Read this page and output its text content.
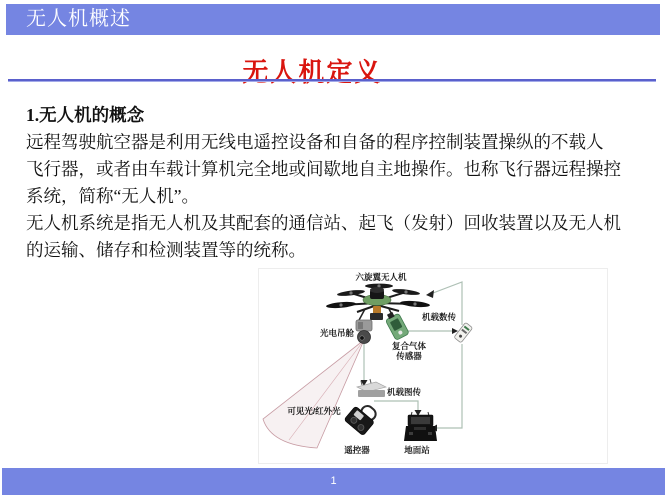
无人机概述
无人机定义
1.无人机的概念
远程驾驶航空器是利用无线电遥控设备和自备的程序控制装置操纵的不载人
飞行器，或者由车载计算机完全地或间歇地自主地操作。也称飞行器远程操控
系统，简称“无人机”。
无人机系统是指无人机及其配套的通信站、起飞（发射）回收装置以及无人机
的运输、储存和检测装置等的统称。
六旋翼无人机
机载数传
光电吊舱
复合气体
传感器
机载图传
可见光/红外光
遥控器	地面站
1
